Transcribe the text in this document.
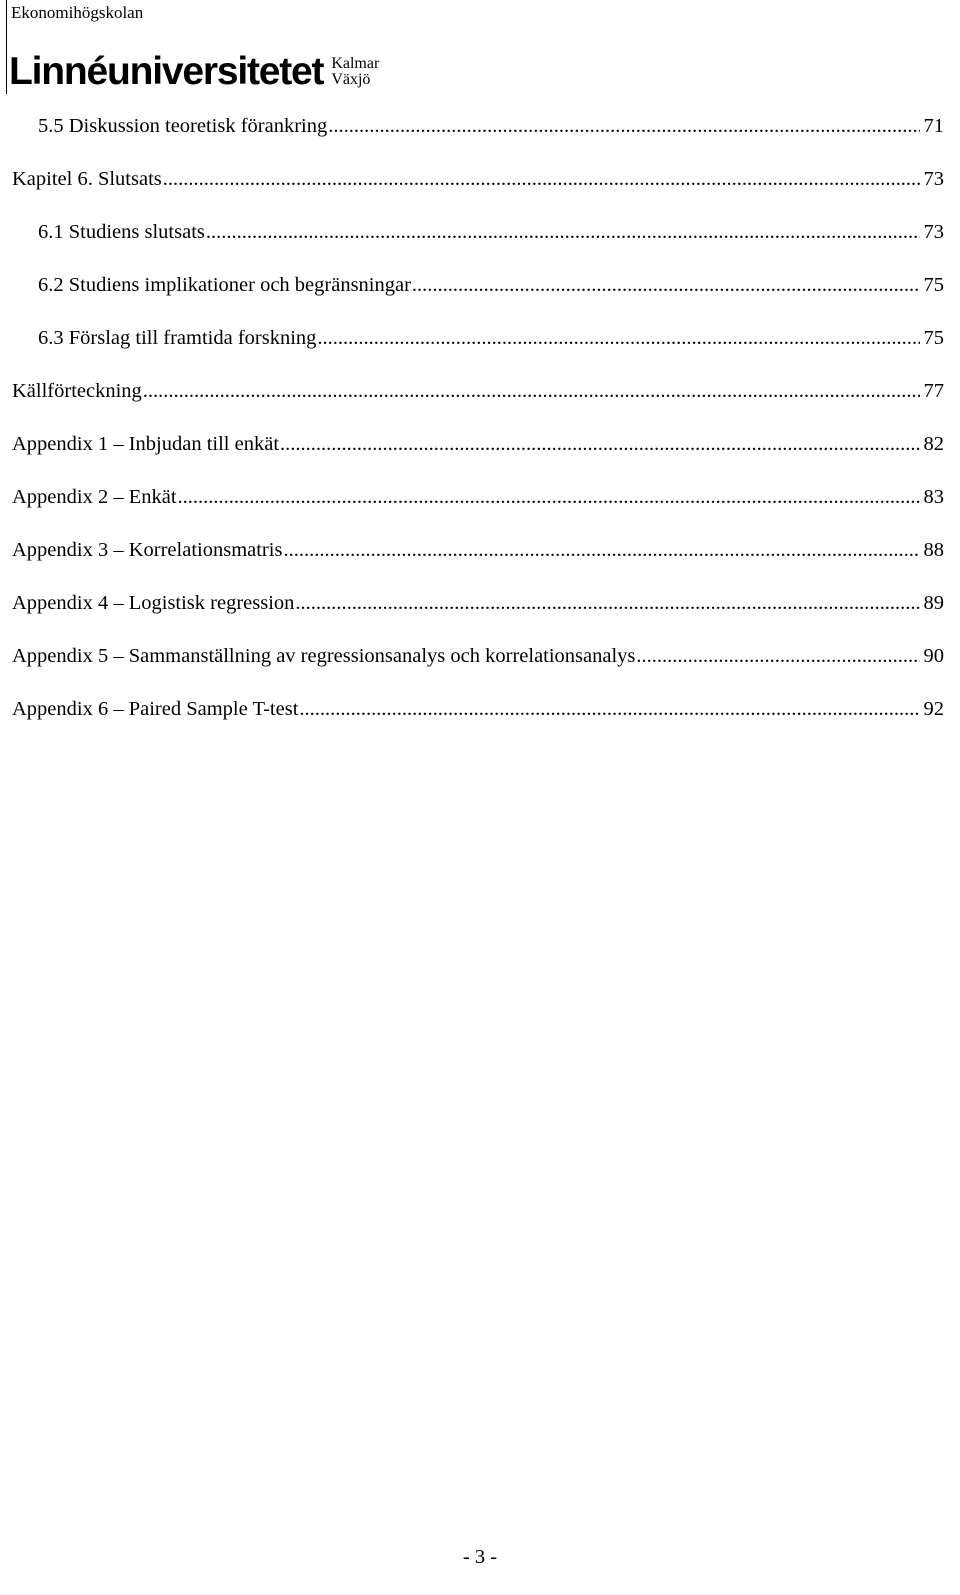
Ekonomihögskolan
Linnéuniversitetet Kalmar
Växjö
5.5 Diskussion teoretisk förankring .....	71
Kapitel 6. Slutsats .....	73
6.1 Studiens slutsats .....	73
6.2 Studiens implikationer och begränsningar .....	75
6.3 Förslag till framtida forskning .....	75
Källförteckning .....	77
Appendix 1 – Inbjudan till enkät .....	82
Appendix 2 – Enkät .....	83
Appendix 3 – Korrelationsmatris .....	88
Appendix 4 – Logistisk regression .....	89
Appendix 5 – Sammanställning av regressionsanalys och korrelationsanalys .....	90
Appendix 6 – Paired Sample T-test .....	92
- 3 -
